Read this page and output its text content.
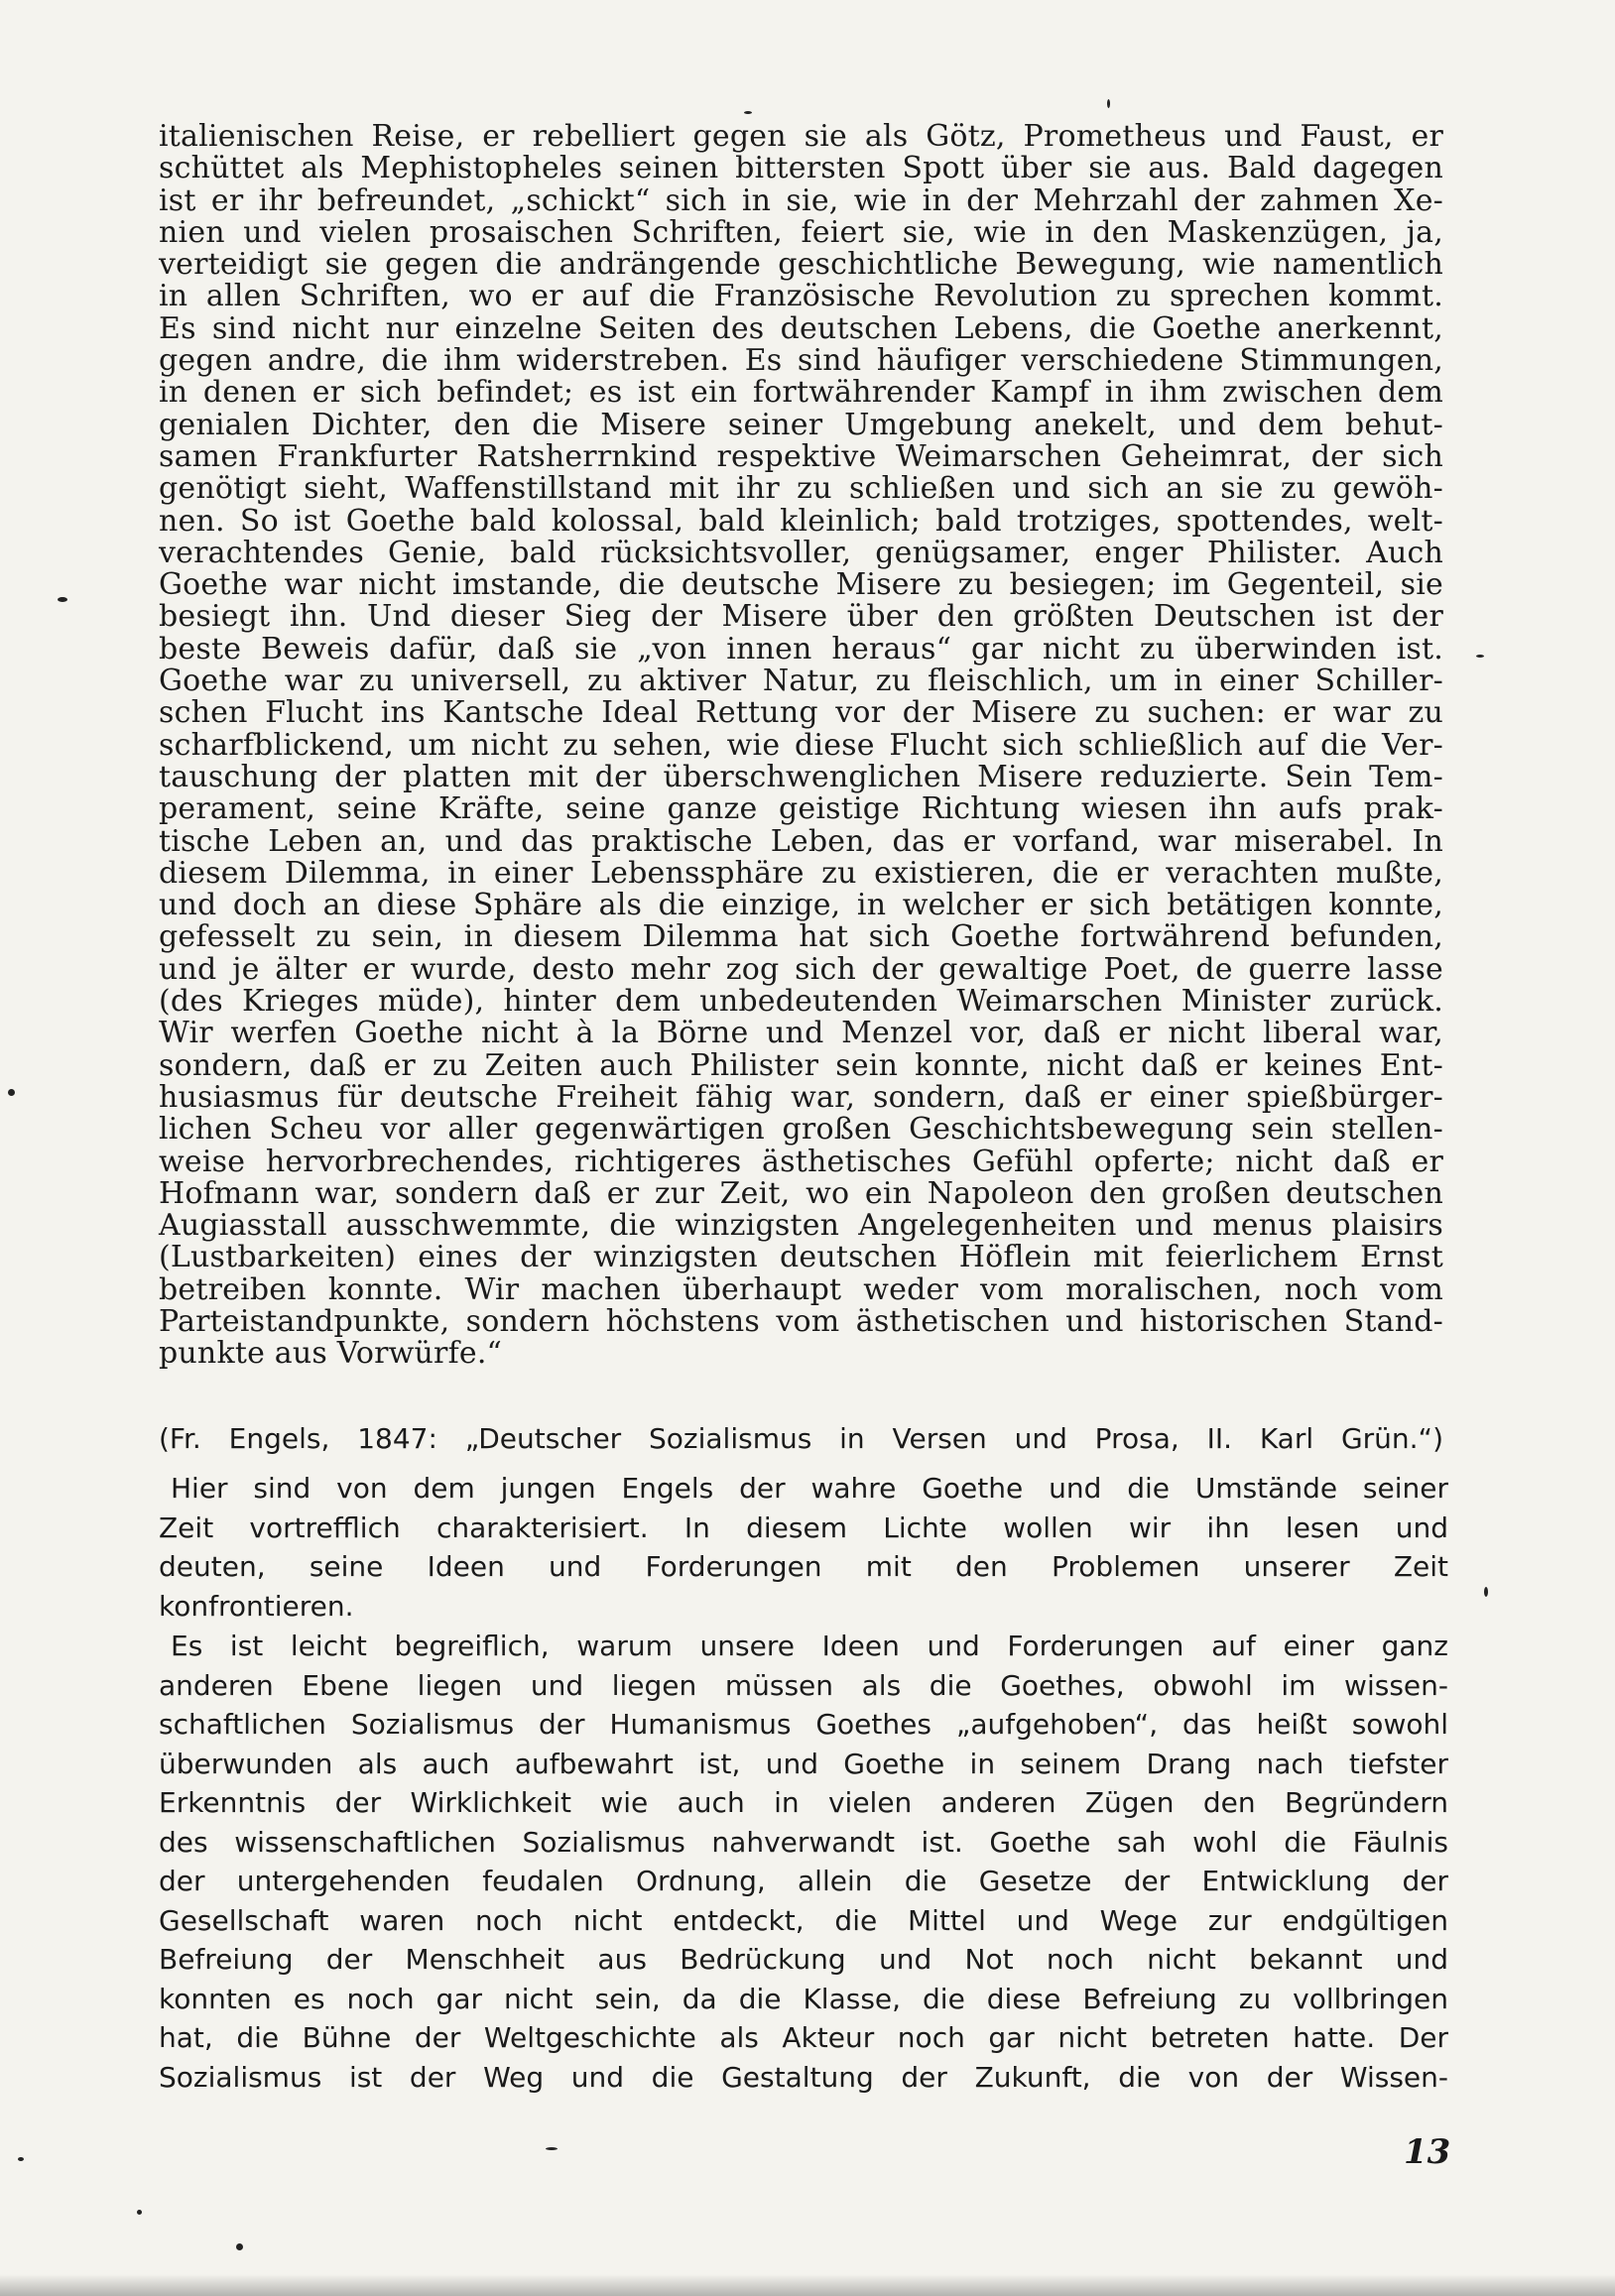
italienischen Reise, er rebelliert gegen sie als Götz, Prometheus und Faust, er
schüttet als Mephistopheles seinen bittersten Spott über sie aus. Bald dagegen
ist er ihr befreundet, „schickt“ sich in sie, wie in der Mehrzahl der zahmen Xe-
nien und vielen prosaischen Schriften, feiert sie, wie in den Maskenzügen, ja,
verteidigt sie gegen die andrängende geschichtliche Bewegung, wie namentlich
in allen Schriften, wo er auf die Französische Revolution zu sprechen kommt.
Es sind nicht nur einzelne Seiten des deutschen Lebens, die Goethe anerkennt,
gegen andre, die ihm widerstreben. Es sind häufiger verschiedene Stimmungen,
in denen er sich befindet; es ist ein fortwährender Kampf in ihm zwischen dem
genialen Dichter, den die Misere seiner Umgebung anekelt, und dem behut-
samen Frankfurter Ratsherrnkind respektive Weimarschen Geheimrat, der sich
genötigt sieht, Waffenstillstand mit ihr zu schließen und sich an sie zu gewöh-
nen. So ist Goethe bald kolossal, bald kleinlich; bald trotziges, spottendes, welt-
verachtendes Genie, bald rücksichtsvoller, genügsamer, enger Philister. Auch
Goethe war nicht imstande, die deutsche Misere zu besiegen; im Gegenteil, sie
besiegt ihn. Und dieser Sieg der Misere über den größten Deutschen ist der
beste Beweis dafür, daß sie „von innen heraus“ gar nicht zu überwinden ist.
Goethe war zu universell, zu aktiver Natur, zu fleischlich, um in einer Schiller-
schen Flucht ins Kantsche Ideal Rettung vor der Misere zu suchen: er war zu
scharfblickend, um nicht zu sehen, wie diese Flucht sich schließlich auf die Ver-
tauschung der platten mit der überschwenglichen Misere reduzierte. Sein Tem-
perament, seine Kräfte, seine ganze geistige Richtung wiesen ihn aufs prak-
tische Leben an, und das praktische Leben, das er vorfand, war miserabel. In
diesem Dilemma, in einer Lebenssphäre zu existieren, die er verachten mußte,
und doch an diese Sphäre als die einzige, in welcher er sich betätigen konnte,
gefesselt zu sein, in diesem Dilemma hat sich Goethe fortwährend befunden,
und je älter er wurde, desto mehr zog sich der gewaltige Poet, de guerre lasse
(des Krieges müde), hinter dem unbedeutenden Weimarschen Minister zurück.
Wir werfen Goethe nicht à la Börne und Menzel vor, daß er nicht liberal war,
sondern, daß er zu Zeiten auch Philister sein konnte, nicht daß er keines Ent-
husiasmus für deutsche Freiheit fähig war, sondern, daß er einer spießbürger-
lichen Scheu vor aller gegenwärtigen großen Geschichtsbewegung sein stellen-
weise hervorbrechendes, richtigeres ästhetisches Gefühl opferte; nicht daß er
Hofmann war, sondern daß er zur Zeit, wo ein Napoleon den großen deutschen
Augiasstall ausschwemmte, die winzigsten Angelegenheiten und menus plaisirs
(Lustbarkeiten) eines der winzigsten deutschen Höflein mit feierlichem Ernst
betreiben konnte. Wir machen überhaupt weder vom moralischen, noch vom
Parteistandpunkte, sondern höchstens vom ästhetischen und historischen Stand-
punkte aus Vorwürfe.“
(Fr. Engels, 1847: „Deutscher Sozialismus in Versen und Prosa, II. Karl Grün.“)
Hier sind von dem jungen Engels der wahre Goethe und die Umstände seiner
Zeit vortrefflich charakterisiert. In diesem Lichte wollen wir ihn lesen und
deuten, seine Ideen und Forderungen mit den Problemen unserer Zeit
konfrontieren.
Es ist leicht begreiflich, warum unsere Ideen und Forderungen auf einer ganz
anderen Ebene liegen und liegen müssen als die Goethes, obwohl im wissen-
schaftlichen Sozialismus der Humanismus Goethes „aufgehoben“, das heißt sowohl
überwunden als auch aufbewahrt ist, und Goethe in seinem Drang nach tiefster
Erkenntnis der Wirklichkeit wie auch in vielen anderen Zügen den Begründern
des wissenschaftlichen Sozialismus nahverwandt ist. Goethe sah wohl die Fäulnis
der untergehenden feudalen Ordnung, allein die Gesetze der Entwicklung der
Gesellschaft waren noch nicht entdeckt, die Mittel und Wege zur endgültigen
Befreiung der Menschheit aus Bedrückung und Not noch nicht bekannt und
konnten es noch gar nicht sein, da die Klasse, die diese Befreiung zu vollbringen
hat, die Bühne der Weltgeschichte als Akteur noch gar nicht betreten hatte. Der
Sozialismus ist der Weg und die Gestaltung der Zukunft, die von der Wissen-
13
